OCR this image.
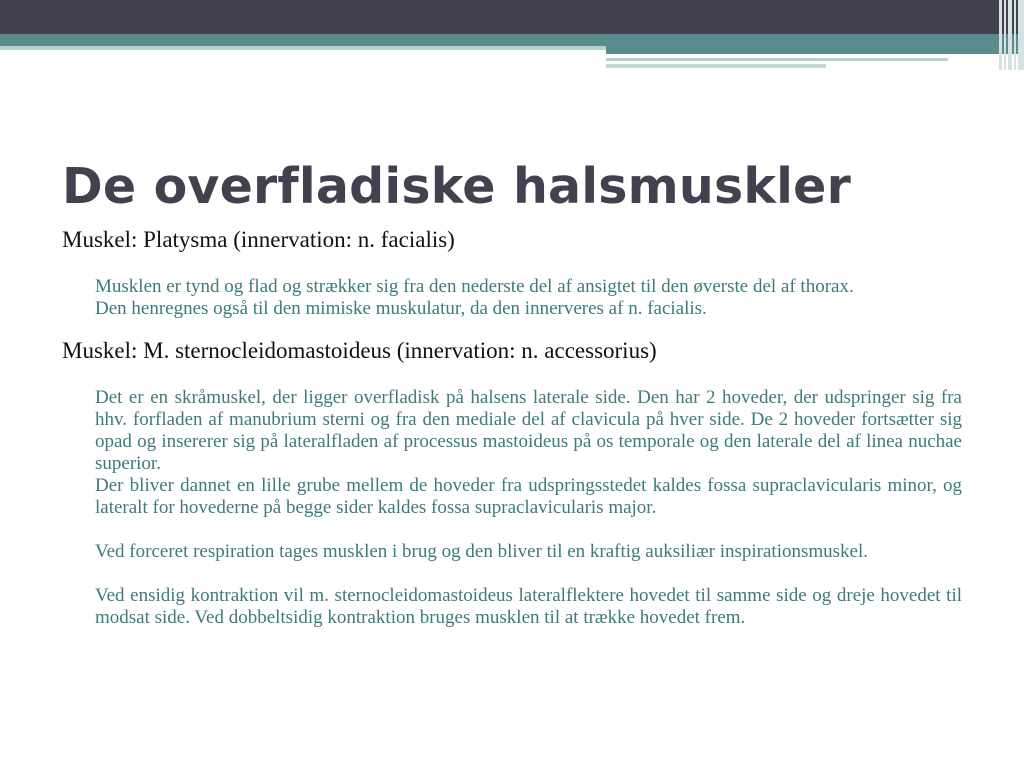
De overfladiske halsmuskler

Muskel: Platysma (innervation: n. facialis)

Musklen er tynd og flad og strækker sig fra den nederste del af ansigtet til den øverste del af thorax.

Den henregnes også til den mimiske muskulatur, da den innerveres af n. facialis.

Muskel: M. sternocleidomastoideus (innervation: n. accessorius)

Det er en skråmuskel, der ligger overfladisk på halsens laterale side. Den har 2 hoveder, der udspringer sig fra hhv. forfladen af manubrium sterni og fra den mediale del af clavicula på hver side. De 2 hoveder fortsætter sig opad og insererer sig på lateralfladen af processus mastoideus på os temporale og den laterale del af linea nuchae superior.

Der bliver dannet en lille grube mellem de hoveder fra udspringsstedet kaldes fossa supraclavicularis minor, og lateralt for hovederne på begge sider kaldes fossa supraclavicularis major.

Ved forceret respiration tages musklen i brug og den bliver til en kraftig auksiliær inspirationsmuskel.

Ved ensidig kontraktion vil m. sternocleidomastoideus lateralflektere hovedet til samme side og dreje hovedet til modsat side. Ved dobbeltsidig kontraktion bruges musklen til at trække hovedet frem.
